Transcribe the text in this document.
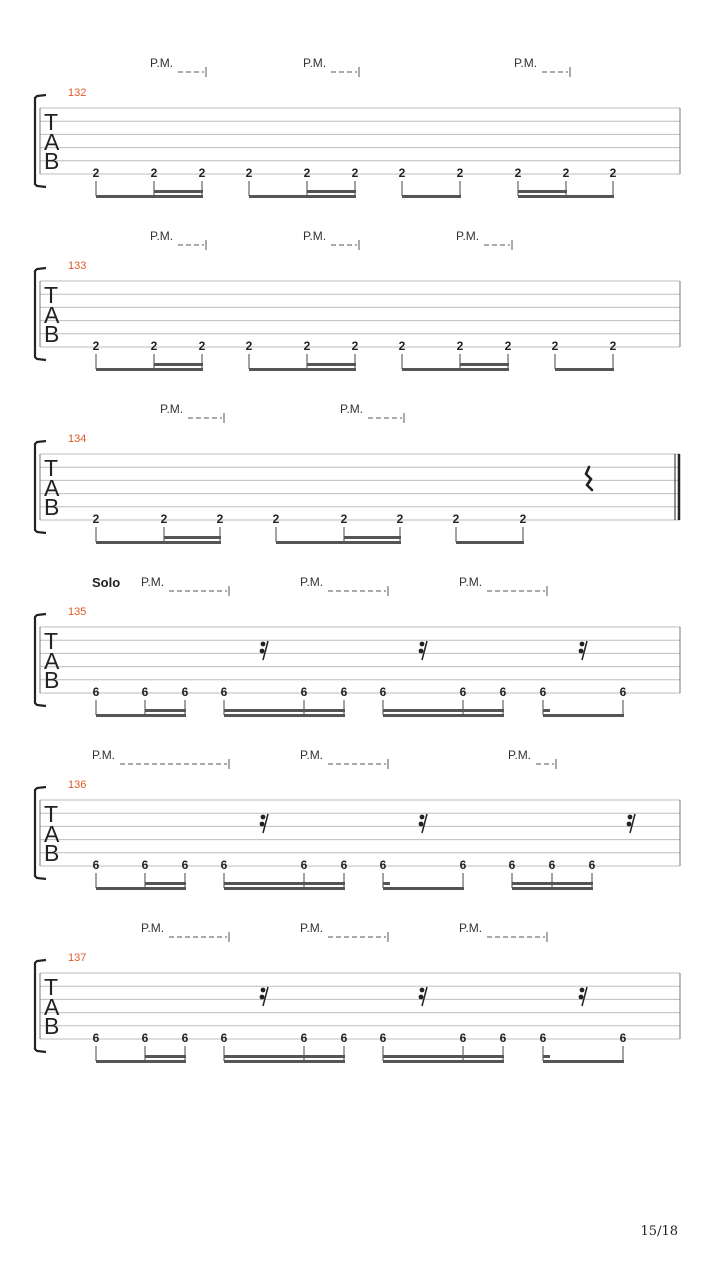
P.M.	P.M.	P.M.
132
T
A
B	2	2	2	2	2	2	2	2	2	2	2
P.M.	P.M.	P.M.
133
T
A
B	2	2	2	2	2	2	2	2	2	2	2
P.M.	P.M.
134
T
A
B	2	2	2	2	2	2	2	2
P.M.	P.M.	P.M.
Solo
135
T
A
B	6	6	6	6	6	6	6	6	6	6	6
P.M.	P.M.	P.M.
136
T
A
B	6	6	6	6	6	6	6	6	6	6	6
P.M.	P.M.	P.M.
137
T
A
B	6	6	6	6	6	6	6	6	6	6	6
15/18
